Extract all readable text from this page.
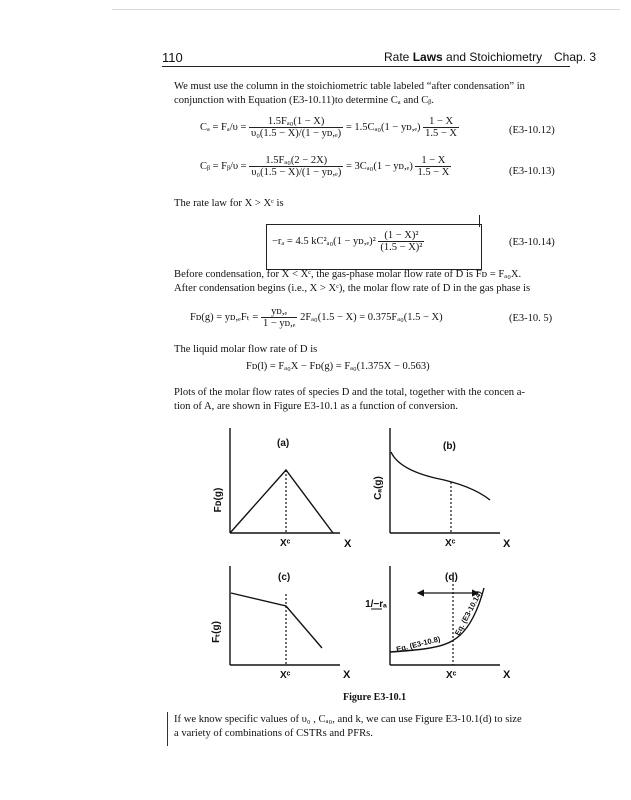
110	Rate Laws and Stoichiometry Chap. 3
We must use the column in the stoichiometric table labeled “after condensation” in
conjunction with Equation (E3-10.11)to determine Cₐ and Cᵦ.
$C_a = F_a/\upsilon = \frac{\text{1.5Fₐ₀(1 − X)}}{\text{υ₀(1.5 − X)/(1 − yᴅ,ₑ)}} = 1.5C_{a0}(1$ − yᴅ,ₑ) $\frac{1 - X}{1.5 - X}$	(E3-10.12)
Cᵦ = Fᵦ/υ = $\frac{\text{1.5Fₐ₀(2 − 2X)}}{\text{υ₀(1.5 − X)/(1 − yᴅ,ₑ)}} = 3C_{a0}(1$ − yᴅ,ₑ) $\frac{1 - X}{1.5 - X}$	(E3-10.13)
The rate law for X > Xᶜ is
−rₐ = 4.5 kC²ₐ₀(1 − yᴅ,ₑ)² $\frac{\text{(1 − X)²}}{\text{(1.5 − X)²}}$	(E3-10.14)
Before condensation, for X < Xᶜ, the gas-phase molar flow rate of D is Fᴅ = Fₐ₀X.
After condensation begins (i.e., X > Xᶜ), the molar flow rate of D in the gas phase is
Fᴅ(g) = yᴅ,ₑFₜ = $\frac{\text{yᴅ,ₑ}}{\text{1 − yᴅ,ₑ}} 2F_{a0}(1.5 - X) = 0.375F_{a0}(1.5 - X)$	(E3-10. 5)
The liquid molar flow rate of D is
Fᴅ(l) = Fₐ₀X − Fᴅ(g) = Fₐ₀(1.375X − 0.563)
Plots of the molar flow rates of species D and the total, together with the concen a-
tion of A, are shown in Figure E3-10.1 as a function of conversion.
(a)
Fᴅ(g)
Xᶜ	X
(b)
Cₐ(g)
Xᶜ	X
(c)
Fₜ(g)
Xᶜ	X
(d)
1/−rₐ
Eq. (E3-10.8)
Eq. (E3-10.14)
Xᶜ	X
Figure E3-10.1
If we know specific values of υ₀ , Cₐ₀, and k, we can use Figure E3-10.1(d) to size
a variety of combinations of CSTRs and PFRs.
